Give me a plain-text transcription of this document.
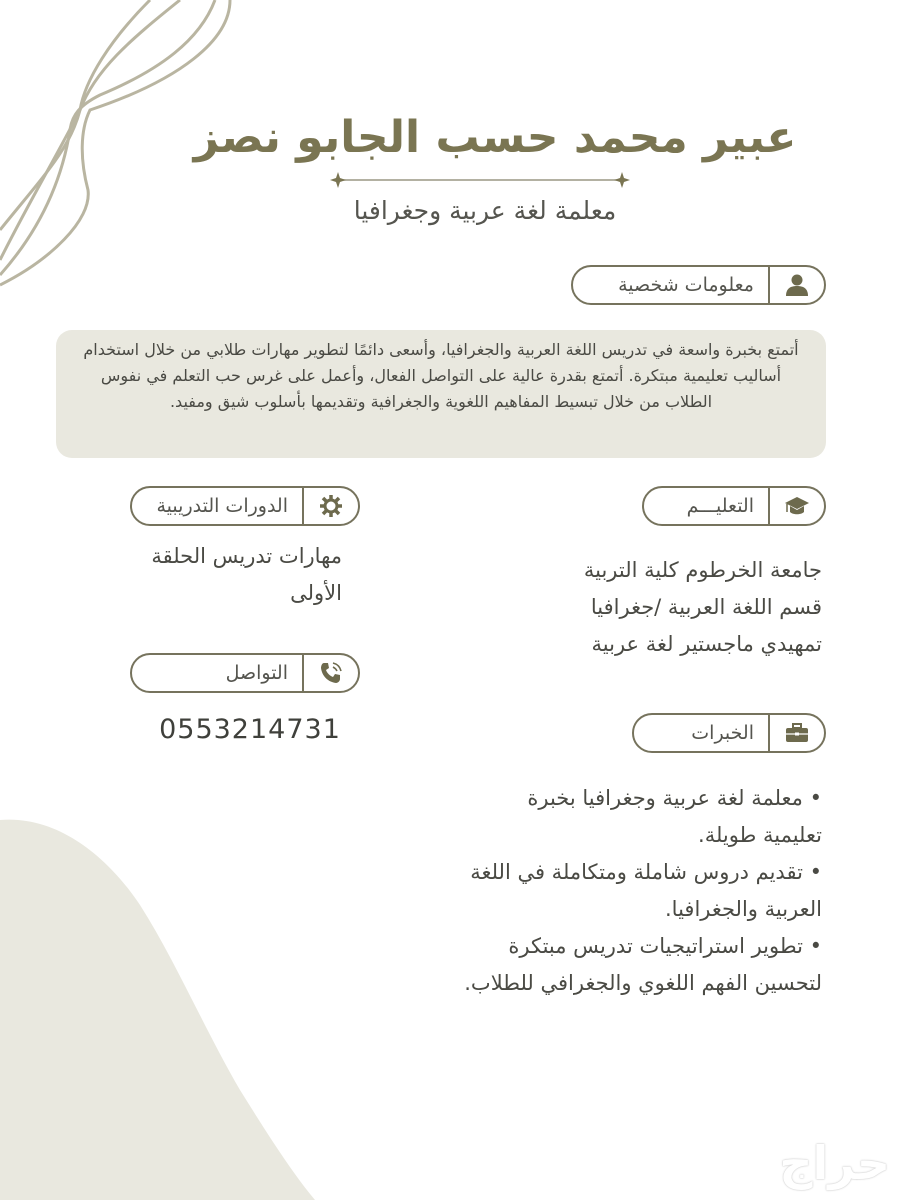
عبير محمد حسب الجابو نصز
معلمة لغة عربية وجغرافيا
معلومات شخصية
أتمتع بخبرة واسعة في تدريس اللغة العربية والجغرافيا، وأسعى دائمًا لتطوير مهارات طلابي من خلال استخدام أساليب تعليمية مبتكرة. أتمتع بقدرة عالية على التواصل الفعال، وأعمل على غرس حب التعلم في نفوس الطلاب من خلال تبسيط المفاهيم اللغوية والجغرافية وتقديمها بأسلوب شيق ومفيد.
التعليـــم
جامعة الخرطوم كلية التربية
قسم اللغة العربية /جغرافيا
تمهيدي ماجستير لغة عربية
الدورات التدريبية
مهارات تدريس الحلقة
الأولى
التواصل
0553214731	الخبرات
• معلمة لغة عربية وجغرافيا بخبرة تعليمية طويلة.
• تقديم دروس شاملة ومتكاملة في اللغة العربية والجغرافيا.
• تطوير استراتيجيات تدريس مبتكرة لتحسين الفهم اللغوي والجغرافي للطلاب.
حراج
